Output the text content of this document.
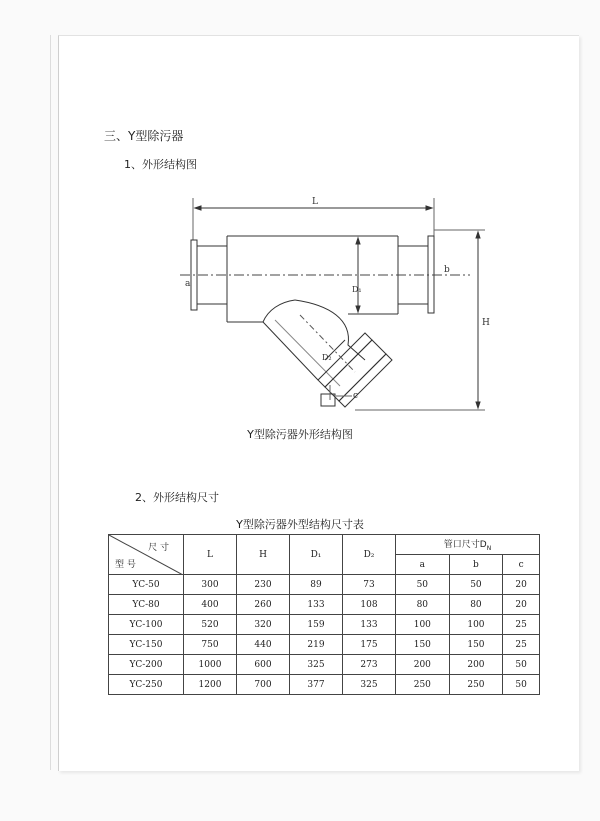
三、Y型除污器
1、外形结构图
L
H
a
b
c
D₁
D₂
Y型除污器外形结构图
2、外形结构尺寸
Y型除污器外型结构尺寸表
尺 寸
型 号	L	H	D₁	D₂	管口尺寸$D_N$
					a	b	c
YC-50	300	230	89	73	50	50	20
YC-80	400	260	133	108	80	80	20
YC-100	520	320	159	133	100	100	25
YC-150	750	440	219	175	150	150	25
YC-200	1000	600	325	273	200	200	50
YC-250	1200	700	377	325	250	250	50
